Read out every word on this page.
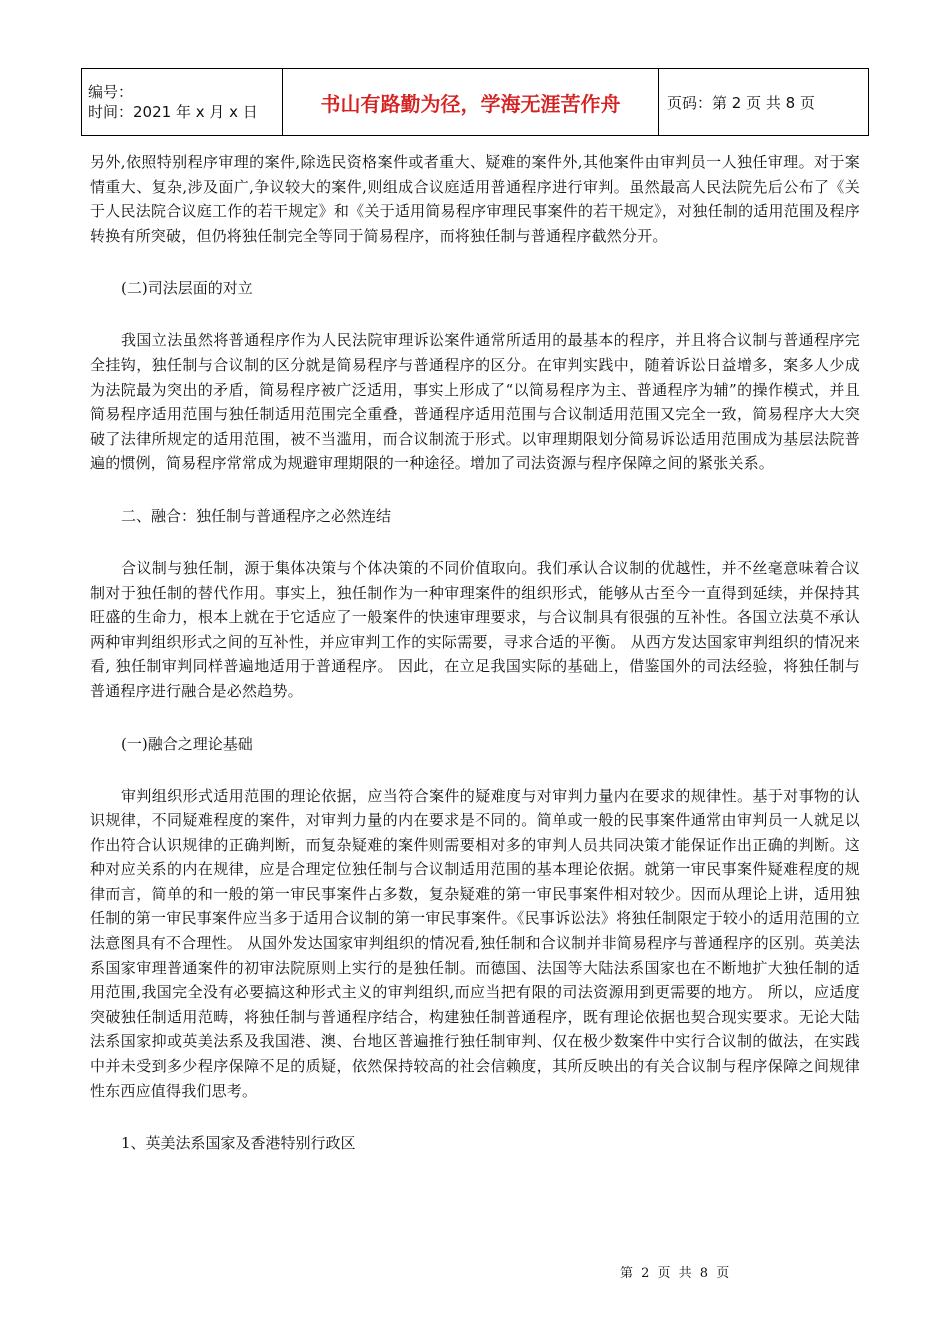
编号：
时间：2021 年 x 月 x 日	书山有路勤为径，学海无涯苦作舟	页码：第 2 页 共 8 页

另外,依照特别程序审理的案件,除选民资格案件或者重大、疑难的案件外,其他案件由审判员一人独任审理。对于案情重大、复杂,涉及面广,争议较大的案件,则组成合议庭适用普通程序进行审判。虽然最高人民法院先后公布了《关于人民法院合议庭工作的若干规定》和《关于适用简易程序审理民事案件的若干规定》，对独任制的适用范围及程序转换有所突破，但仍将独任制完全等同于简易程序，而将独任制与普通程序截然分开。

(二)司法层面的对立

我国立法虽然将普通程序作为人民法院审理诉讼案件通常所适用的最基本的程序，并且将合议制与普通程序完全挂钩，独任制与合议制的区分就是简易程序与普通程序的区分。在审判实践中，随着诉讼日益增多，案多人少成为法院最为突出的矛盾，简易程序被广泛适用，事实上形成了“以简易程序为主、普通程序为辅”的操作模式，并且简易程序适用范围与独任制适用范围完全重叠，普通程序适用范围与合议制适用范围又完全一致，简易程序大大突破了法律所规定的适用范围，被不当滥用，而合议制流于形式。以审理期限划分简易诉讼适用范围成为基层法院普遍的惯例，简易程序常常成为规避审理期限的一种途径。增加了司法资源与程序保障之间的紧张关系。

二、融合：独任制与普通程序之必然连结

合议制与独任制，源于集体决策与个体决策的不同价值取向。我们承认合议制的优越性，并不丝毫意味着合议制对于独任制的替代作用。事实上，独任制作为一种审理案件的组织形式，能够从古至今一直得到延续，并保持其旺盛的生命力，根本上就在于它适应了一般案件的快速审理要求，与合议制具有很强的互补性。各国立法莫不承认两种审判组织形式之间的互补性，并应审判工作的实际需要，寻求合适的平衡。 从西方发达国家审判组织的情况来看, 独任制审判同样普遍地适用于普通程序。 因此，在立足我国实际的基础上，借鉴国外的司法经验，将独任制与普通程序进行融合是必然趋势。

(一)融合之理论基础

审判组织形式适用范围的理论依据，应当符合案件的疑难度与对审判力量内在要求的规律性。基于对事物的认识规律，不同疑难程度的案件，对审判力量的内在要求是不同的。简单或一般的民事案件通常由审判员一人就足以作出符合认识规律的正确判断，而复杂疑难的案件则需要相对多的审判人员共同决策才能保证作出正确的判断。这种对应关系的内在规律，应是合理定位独任制与合议制适用范围的基本理论依据。就第一审民事案件疑难程度的规律而言，简单的和一般的第一审民事案件占多数，复杂疑难的第一审民事案件相对较少。因而从理论上讲，适用独任制的第一审民事案件应当多于适用合议制的第一审民事案件。《民事诉讼法》将独任制限定于较小的适用范围的立法意图具有不合理性。 从国外发达国家审判组织的情况看,独任制和合议制并非简易程序与普通程序的区别。英美法系国家审理普通案件的初审法院原则上实行的是独任制。而德国、法国等大陆法系国家也在不断地扩大独任制的适用范围,我国完全没有必要搞这种形式主义的审判组织,而应当把有限的司法资源用到更需要的地方。 所以，应适度突破独任制适用范畴，将独任制与普通程序结合，构建独任制普通程序，既有理论依据也契合现实要求。无论大陆法系国家抑或英美法系及我国港、澳、台地区普遍推行独任制审判、仅在极少数案件中实行合议制的做法，在实践中并未受到多少程序保障不足的质疑，依然保持较高的社会信赖度，其所反映出的有关合议制与程序保障之间规律性东西应值得我们思考。

1、英美法系国家及香港特别行政区

第 2 页 共 8 页
